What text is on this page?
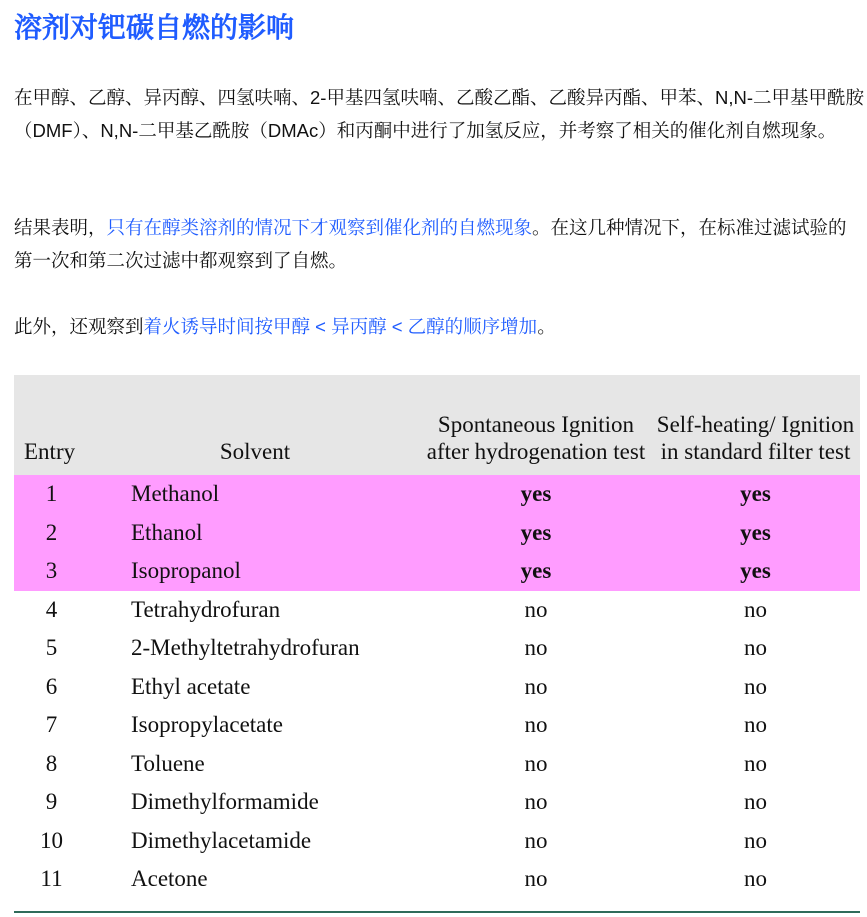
溶剂对钯碳自燃的影响
在甲醇、乙醇、异丙醇、四氢呋喃、2-甲基四氢呋喃、乙酸乙酯、乙酸异丙酯、甲苯、N,N-二甲基甲酰胺（DMF）、N,N-二甲基乙酰胺（DMAc）和丙酮中进行了加氢反应，并考察了相关的催化剂自燃现象。
结果表明，只有在醇类溶剂的情况下才观察到催化剂的自燃现象。在这几种情况下，在标准过滤试验的第一次和第二次过滤中都观察到了自燃。
此外，还观察到着火诱导时间按甲醇 < 异丙醇 < 乙醇的顺序增加。
Entry	Solvent	Spontaneous Ignition after hydrogenation test	Self-heating/ Ignition in standard filter test
1	Methanol	yes	yes
2	Ethanol	yes	yes
3	Isopropanol	yes	yes
4	Tetrahydrofuran	no	no
5	2-Methyltetrahydrofuran	no	no
6	Ethyl acetate	no	no
7	Isopropylacetate	no	no
8	Toluene	no	no
9	Dimethylformamide	no	no
10	Dimethylacetamide	no	no
11	Acetone	no	no
